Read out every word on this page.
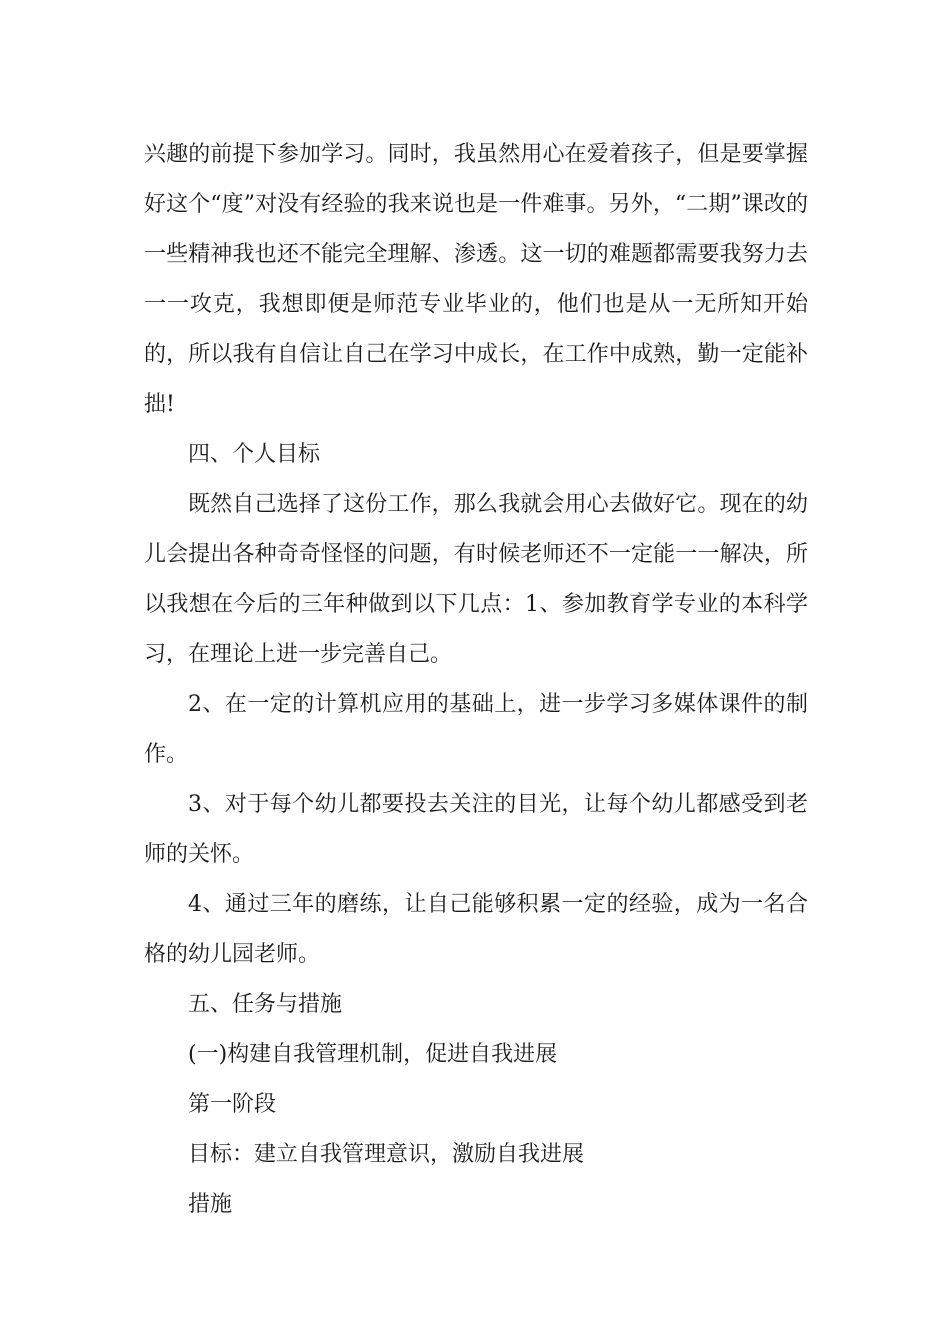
兴趣的前提下参加学习。同时，我虽然用心在爱着孩子，但是要掌握好这个“度”对没有经验的我来说也是一件难事。另外，“二期”课改的一些精神我也还不能完全理解、渗透。这一切的难题都需要我努力去一一攻克，我想即便是师范专业毕业的，他们也是从一无所知开始的，所以我有自信让自己在学习中成长，在工作中成熟，勤一定能补拙!

四、个人目标

既然自己选择了这份工作，那么我就会用心去做好它。现在的幼儿会提出各种奇奇怪怪的问题，有时候老师还不一定能一一解决，所以我想在今后的三年种做到以下几点：1、参加教育学专业的本科学习，在理论上进一步完善自己。

2、在一定的计算机应用的基础上，进一步学习多媒体课件的制作。

3、对于每个幼儿都要投去关注的目光，让每个幼儿都感受到老师的关怀。

4、通过三年的磨练，让自己能够积累一定的经验，成为一名合格的幼儿园老师。

五、任务与措施

(一)构建自我管理机制，促进自我进展

第一阶段

目标：建立自我管理意识，激励自我进展

措施
